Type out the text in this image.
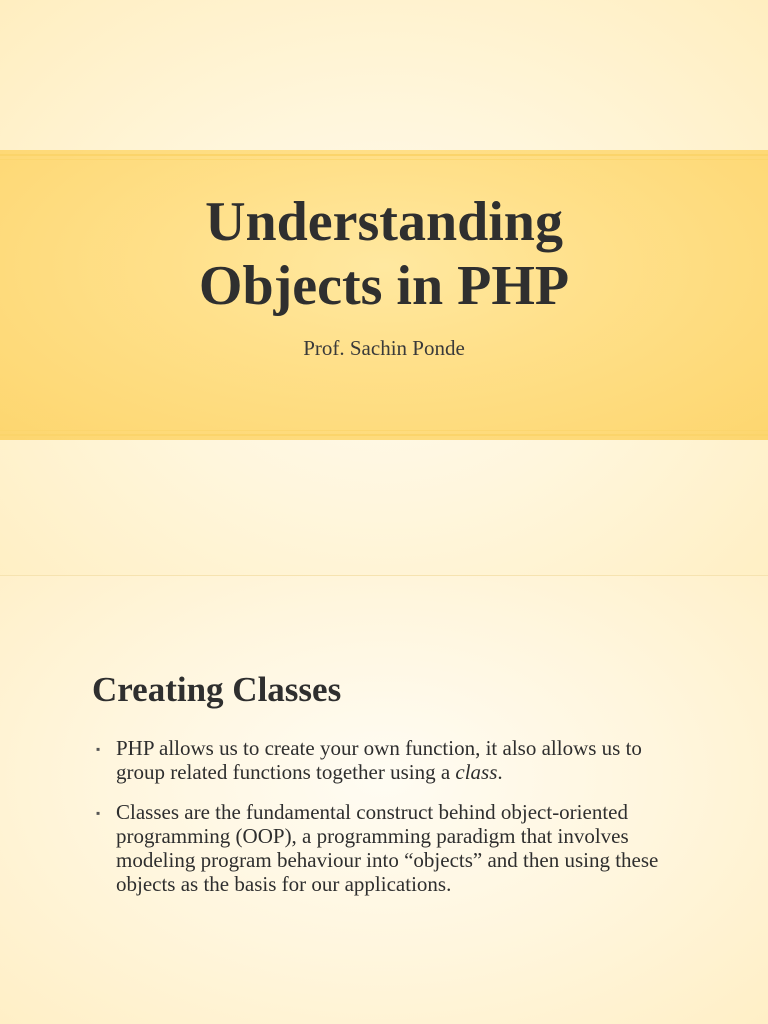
Understanding
Objects in PHP
Prof. Sachin Ponde
Creating Classes
▪ PHP allows us to create your own function, it also allows us to group related functions together using a class.
▪ Classes are the fundamental construct behind object-oriented programming (OOP), a programming paradigm that involves modeling program behaviour into “objects” and then using these objects as the basis for our applications.
